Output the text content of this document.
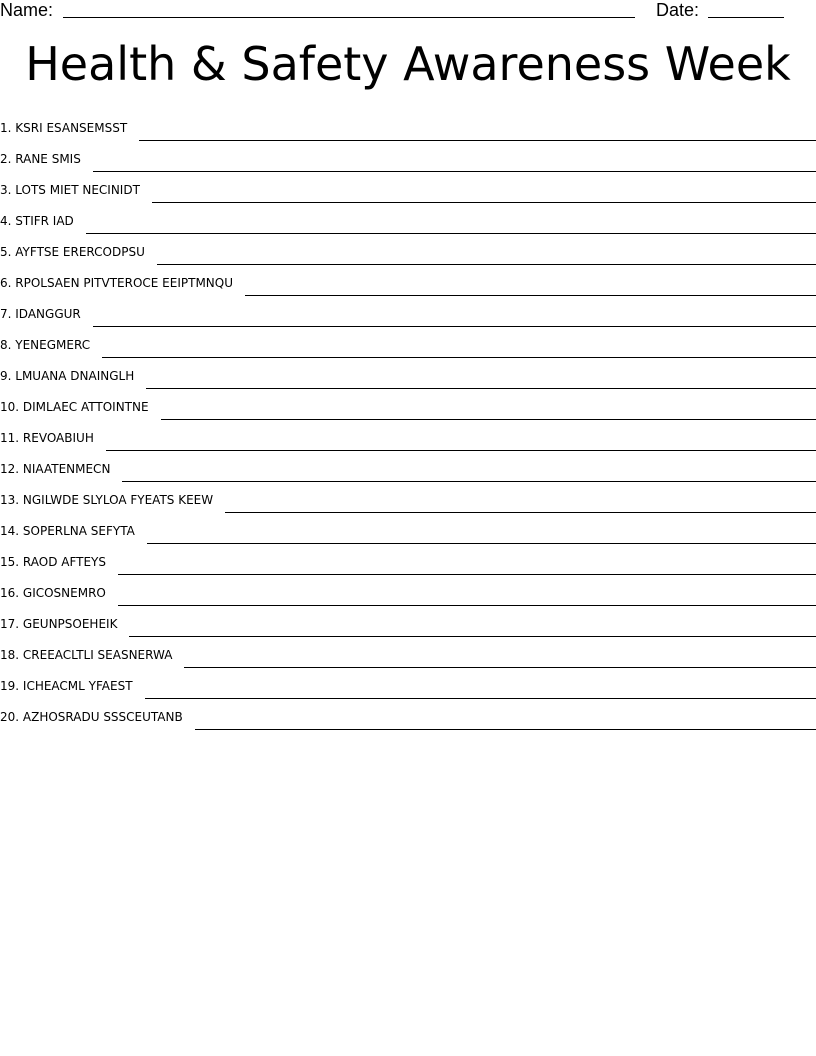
Name:	Date:
Health & Safety Awareness Week
1. KSRI ESANSEMSST
2. RANE SMIS
3. LOTS MIET NECINIDT
4. STIFR IAD
5. AYFTSE ERERCODPSU
6. RPOLSAEN PITVTEROCE EEIPTMNQU
7. IDANGGUR
8. YENEGMERC
9. LMUANA DNAINGLH
10. DIMLAEC ATTOINTNE
11. REVOABIUH
12. NIAATENMECN
13. NGILWDE SLYLOA FYEATS KEEW
14. SOPERLNA SEFYTA
15. RAOD AFTEYS
16. GICOSNEMRO
17. GEUNPSOEHEIK
18. CREEACLTLI SEASNERWA
19. ICHEACML YFAEST
20. AZHOSRADU SSSCEUTANB
